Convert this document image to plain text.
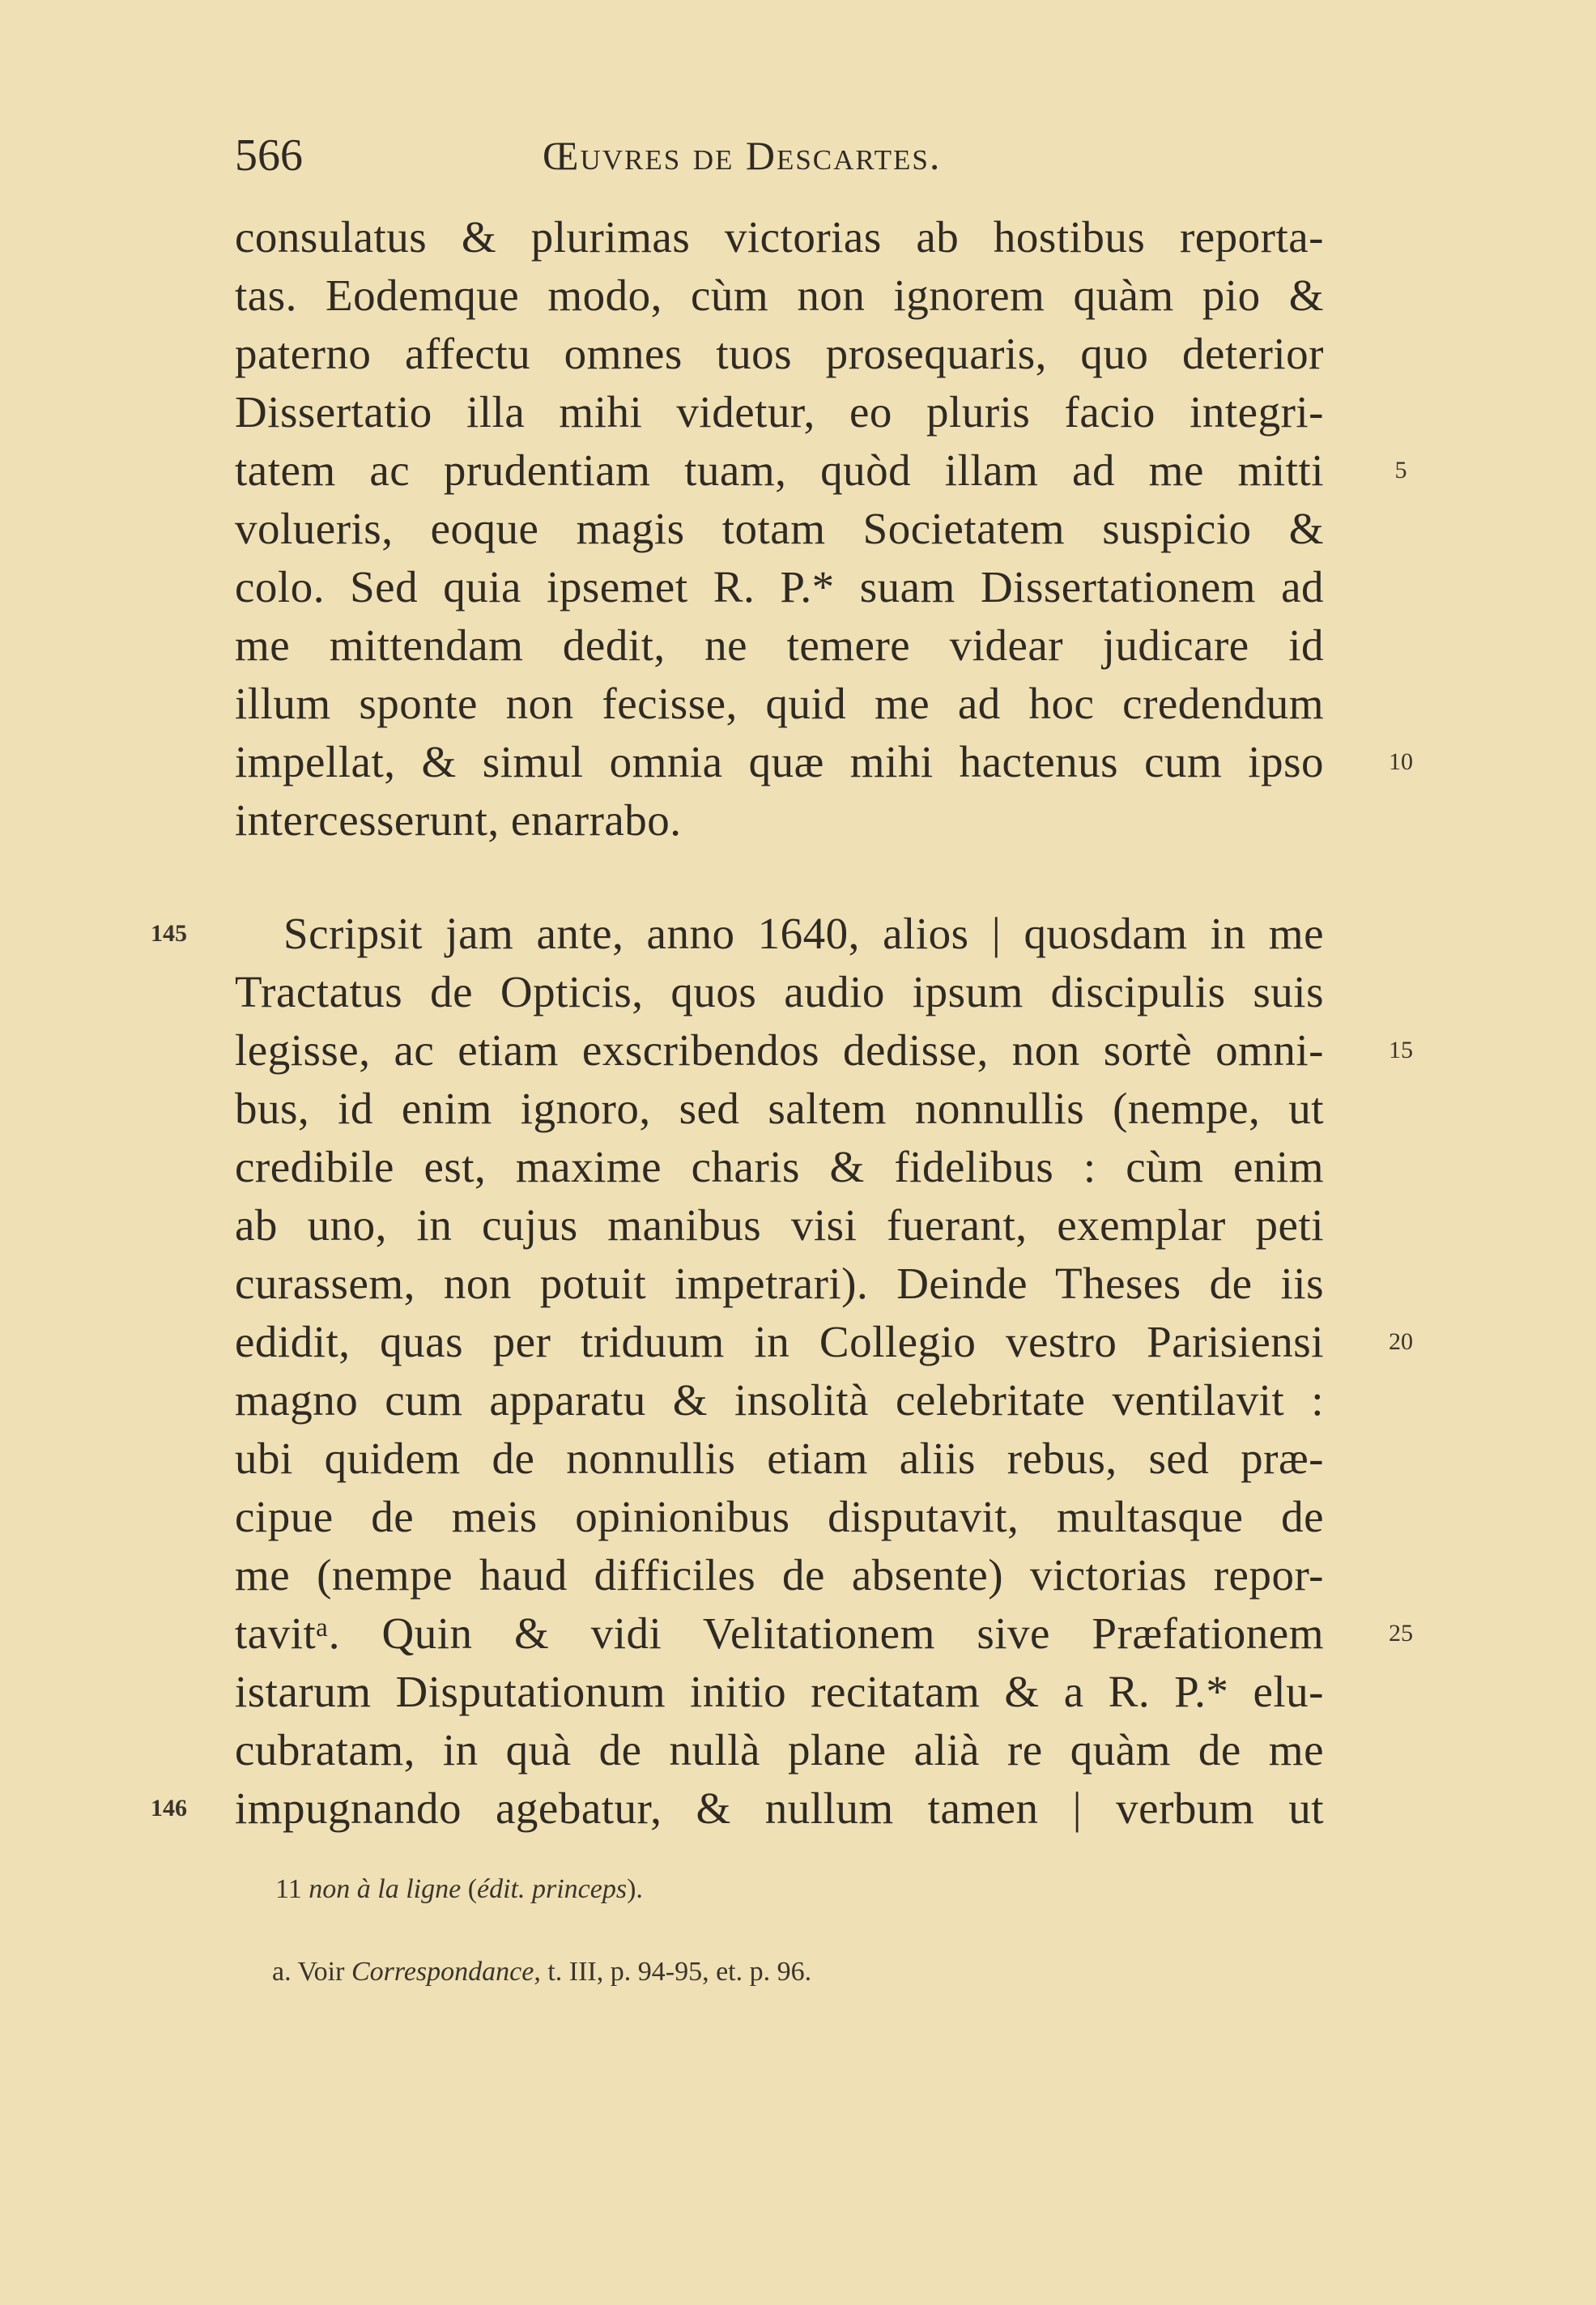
566	Œuvres de Descartes.
consulatus & plurimas victorias ab hostibus reporta-
tas. Eodemque modo, cùm non ignorem quàm pio &
paterno affectu omnes tuos prosequaris, quo deterior
Dissertatio illa mihi videtur, eo pluris facio integri-
tatem ac prudentiam tuam, quòd illam ad me mitti
volueris, eoque magis totam Societatem suspicio &
colo. Sed quia ipsemet R. P.* suam Dissertationem ad
me mittendam dedit, ne temere videar judicare id
illum sponte non fecisse, quid me ad hoc credendum
impellat, & simul omnia quæ mihi hactenus cum ipso
intercesserunt, enarrabo.
Scripsit jam ante, anno 1640, alios | quosdam in me
Tractatus de Opticis, quos audio ipsum discipulis suis
legisse, ac etiam exscribendos dedisse, non sortè omni-
bus, id enim ignoro, sed saltem nonnullis (nempe, ut
credibile est, maxime charis & fidelibus : cùm enim
ab uno, in cujus manibus visi fuerant, exemplar peti
curassem, non potuit impetrari). Deinde Theses de iis
edidit, quas per triduum in Collegio vestro Parisiensi
magno cum apparatu & insolità celebritate ventilavit :
ubi quidem de nonnullis etiam aliis rebus, sed præ-
cipue de meis opinionibus disputavit, multasque de
me (nempe haud difficiles de absente) victorias repor-
tavitᵃ. Quin & vidi Velitationem sive Præfationem
istarum Disputationum initio recitatam & a R. P.* elu-
cubratam, in quà de nullà plane alià re quàm de me
impugnando agebatur, & nullum tamen | verbum ut
5
10
15
20
25
145
146
11 non à la ligne (édit. princeps).
a. Voir Correspondance, t. III, p. 94-95, et. p. 96.
